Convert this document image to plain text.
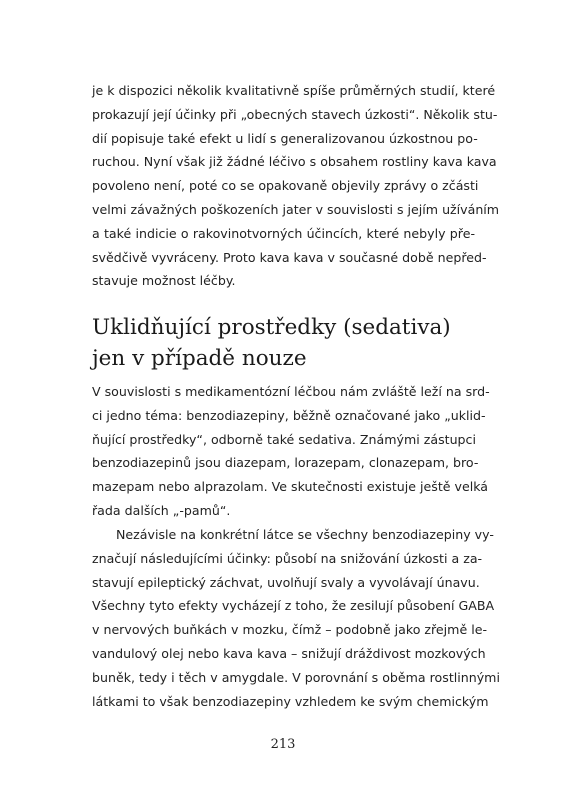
je k dispozici několik kvalitativně spíše průměrných studií, které
prokazují její účinky při „obecných stavech úzkosti“. Několik stu-
dií popisuje také efekt u lidí s generalizovanou úzkostnou po-
ruchou. Nyní však již žádné léčivo s obsahem rostliny kava kava
povoleno není, poté co se opakovaně objevily zprávy o zčásti
velmi závažných poškozeních jater v souvislosti s jejím užíváním
a také indicie o rakovinotvorných účincích, které nebyly pře-
svědčivě vyvráceny. Proto kava kava v současné době nepřed-
stavuje možnost léčby.
Uklidňující prostředky (sedativa)
jen v případě nouze
V souvislosti s medikamentózní léčbou nám zvláště leží na srd-
ci jedno téma: benzodiazepiny, běžně označované jako „uklid-
ňující prostředky“, odborně také sedativa. Známými zástupci
benzodiazepinů jsou diazepam, lorazepam, clonazepam, bro-
mazepam nebo alprazolam. Ve skutečnosti existuje ještě velká
řada dalších „-pamů“.
Nezávisle na konkrétní látce se všechny benzodiazepiny vy-
značují následujícími účinky: působí na snižování úzkosti a za-
stavují epileptický záchvat, uvolňují svaly a vyvolávají únavu.
Všechny tyto efekty vycházejí z toho, že zesilují působení GABA
v nervových buňkách v mozku, čímž – podobně jako zřejmě le-
vandulový olej nebo kava kava – snižují dráždivost mozkových
buněk, tedy i těch v amygdale. V porovnání s oběma rostlinnými
látkami to však benzodiazepiny vzhledem ke svým chemickým
213
